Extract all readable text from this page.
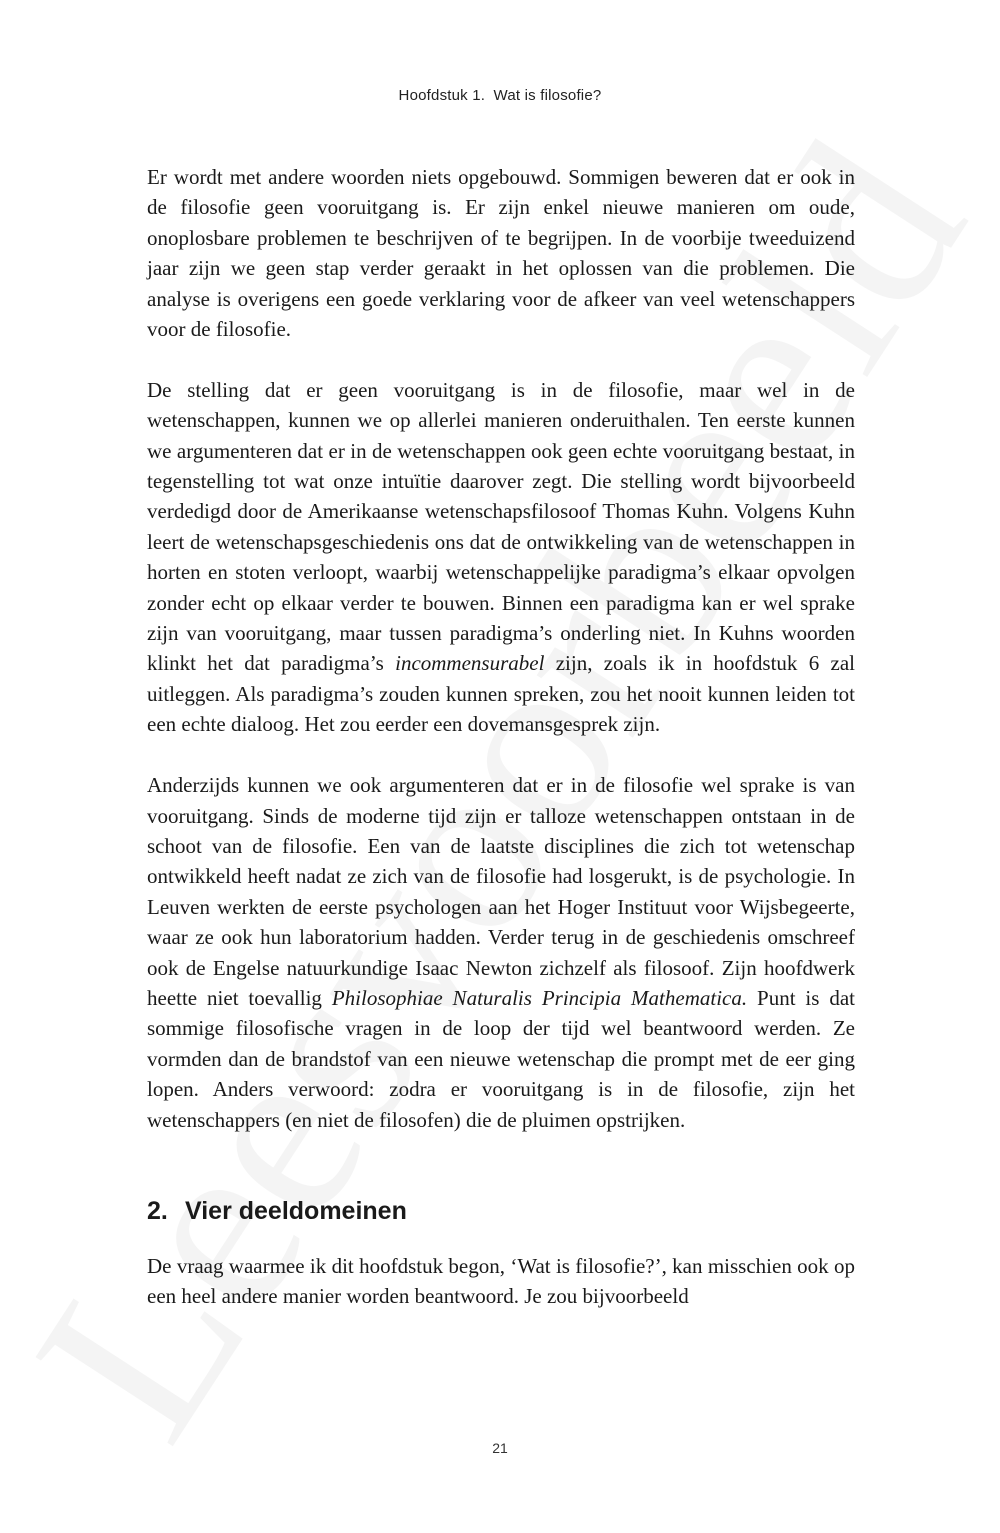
Hoofdstuk 1. Wat is filosofie?

Er wordt met andere woorden niets opgebouwd. Sommigen beweren dat er ook in de filosofie geen vooruitgang is. Er zijn enkel nieuwe manieren om oude, onoplosbare problemen te beschrijven of te begrijpen. In de voorbije tweeduizend jaar zijn we geen stap verder geraakt in het oplossen van die problemen. Die analyse is overigens een goede verklaring voor de afkeer van veel wetenschappers voor de filosofie.

De stelling dat er geen vooruitgang is in de filosofie, maar wel in de wetenschappen, kunnen we op allerlei manieren onderuithalen. Ten eerste kunnen we argumenteren dat er in de wetenschappen ook geen echte vooruitgang bestaat, in tegenstelling tot wat onze intuïtie daarover zegt. Die stelling wordt bijvoorbeeld verdedigd door de Amerikaanse wetenschapsfilosoof Thomas Kuhn. Volgens Kuhn leert de wetenschapsgeschiedenis ons dat de ontwikkeling van de wetenschappen in horten en stoten verloopt, waarbij wetenschappelijke paradigma’s elkaar opvolgen zonder echt op elkaar verder te bouwen. Binnen een paradigma kan er wel sprake zijn van vooruitgang, maar tussen paradigma’s onderling niet. In Kuhns woorden klinkt het dat paradigma’s incommensurabel zijn, zoals ik in hoofdstuk 6 zal uitleggen. Als paradigma’s zouden kunnen spreken, zou het nooit kunnen leiden tot een echte dialoog. Het zou eerder een dovemansgesprek zijn.

Anderzijds kunnen we ook argumenteren dat er in de filosofie wel sprake is van vooruitgang. Sinds de moderne tijd zijn er talloze wetenschappen ontstaan in de schoot van de filosofie. Een van de laatste disciplines die zich tot wetenschap ontwikkeld heeft nadat ze zich van de filosofie had losgerukt, is de psychologie. In Leuven werkten de eerste psychologen aan het Hoger Instituut voor Wijsbegeerte, waar ze ook hun laboratorium hadden. Verder terug in de geschiedenis omschreef ook de Engelse natuurkundige Isaac Newton zichzelf als filosoof. Zijn hoofdwerk heette niet toevallig Philosophiae Naturalis Principia Mathematica. Punt is dat sommige filosofische vragen in de loop der tijd wel beantwoord werden. Ze vormden dan de brandstof van een nieuwe wetenschap die prompt met de eer ging lopen. Anders verwoord: zodra er vooruitgang is in de filosofie, zijn het wetenschappers (en niet de filosofen) die de pluimen opstrijken.

2. Vier deeldomeinen

De vraag waarmee ik dit hoofdstuk begon, ‘Wat is filosofie?’, kan misschien ook op een heel andere manier worden beantwoord. Je zou bijvoorbeeld

21
